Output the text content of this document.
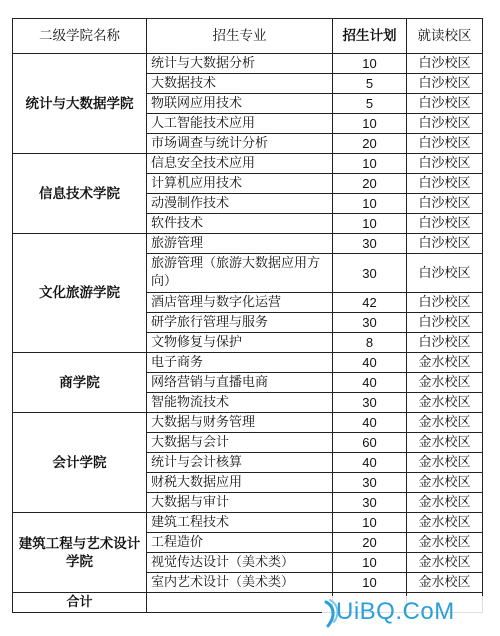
二级学院名称	招生专业	招生计划	就读校区
统计与大数据学院	统计与大数据分析	10	白沙校区
	大数据技术	5	白沙校区
	物联网应用技术	5	白沙校区
	人工智能技术应用	10	白沙校区
	市场调查与统计分析	20	白沙校区
信息技术学院	信息安全技术应用	10	白沙校区
	计算机应用技术	20	白沙校区
	动漫制作技术	10	白沙校区
	软件技术	10	白沙校区
文化旅游学院	旅游管理	30	白沙校区
	旅游管理（旅游大数据应用方向）	30	白沙校区
	酒店管理与数字化运营	42	白沙校区
	研学旅行管理与服务	30	白沙校区
	文物修复与保护	8	白沙校区
商学院	电子商务	40	金水校区
	网络营销与直播电商	40	金水校区
	智能物流技术	30	金水校区
会计学院	大数据与财务管理	40	金水校区
	大数据与会计	60	金水校区
	统计与会计核算	40	金水校区
	财税大数据应用	30	金水校区
	大数据与审计	30	金水校区
建筑工程与艺术设计学院	建筑工程技术	10	金水校区
	工程造价	20	金水校区
	视觉传达设计（美术类）	10	金水校区
	室内艺术设计（美术类）	10	金水校区
合计				UiBQ.CoM
